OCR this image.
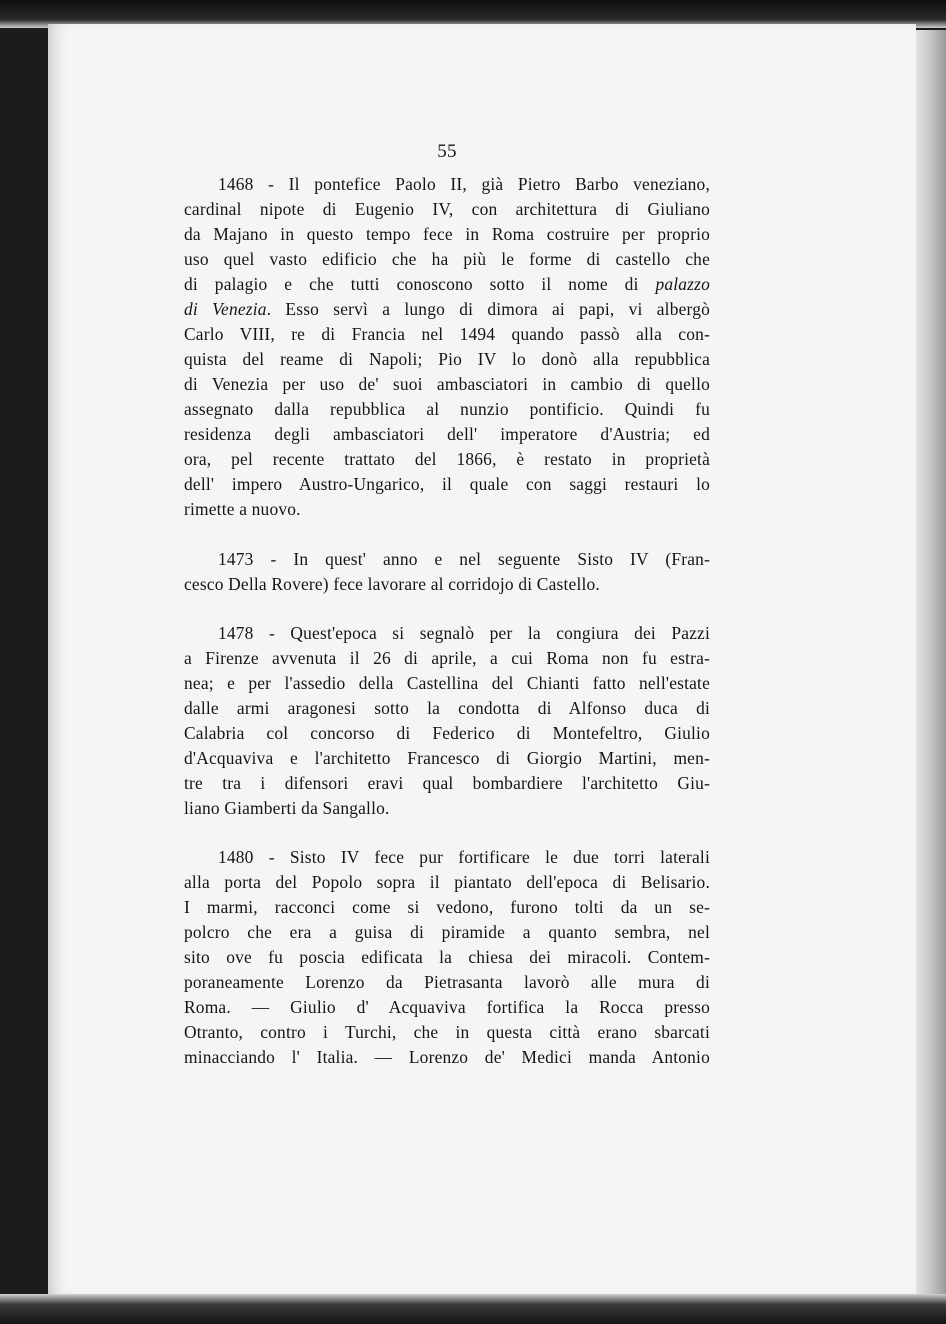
55
1468 - Il pontefice Paolo II, già Pietro Barbo veneziano,
cardinal nipote di Eugenio IV, con architettura di Giuliano
da Majano in questo tempo fece in Roma costruire per proprio
uso quel vasto edificio che ha più le forme di castello che
di palagio e che tutti conoscono sotto il nome di palazzo
di Venezia. Esso servì a lungo di dimora ai papi, vi albergò
Carlo VIII, re di Francia nel 1494 quando passò alla con-
quista del reame di Napoli; Pio IV lo donò alla repubblica
di Venezia per uso de' suoi ambasciatori in cambio di quello
assegnato dalla repubblica al nunzio pontificio. Quindi fu
residenza degli ambasciatori dell' imperatore d'Austria; ed
ora, pel recente trattato del 1866, è restato in proprietà
dell' impero Austro-Ungarico, il quale con saggi restauri lo
rimette a nuovo.
1473 - In quest' anno e nel seguente Sisto IV (Fran-
cesco Della Rovere) fece lavorare al corridojo di Castello.
1478 - Quest'epoca si segnalò per la congiura dei Pazzi
a Firenze avvenuta il 26 di aprile, a cui Roma non fu estra-
nea; e per l'assedio della Castellina del Chianti fatto nell'estate
dalle armi aragonesi sotto la condotta di Alfonso duca di
Calabria col concorso di Federico di Montefeltro, Giulio
d'Acquaviva e l'architetto Francesco di Giorgio Martini, men-
tre tra i difensori eravi qual bombardiere l'architetto Giu-
liano Giamberti da Sangallo.
1480 - Sisto IV fece pur fortificare le due torri laterali
alla porta del Popolo sopra il piantato dell'epoca di Belisario.
I marmi, racconci come si vedono, furono tolti da un se-
polcro che era a guisa di piramide a quanto sembra, nel
sito ove fu poscia edificata la chiesa dei miracoli. Contem-
poraneamente Lorenzo da Pietrasanta lavorò alle mura di
Roma. — Giulio d' Acquaviva fortifica la Rocca presso
Otranto, contro i Turchi, che in questa città erano sbarcati
minacciando l' Italia. — Lorenzo de' Medici manda Antonio
